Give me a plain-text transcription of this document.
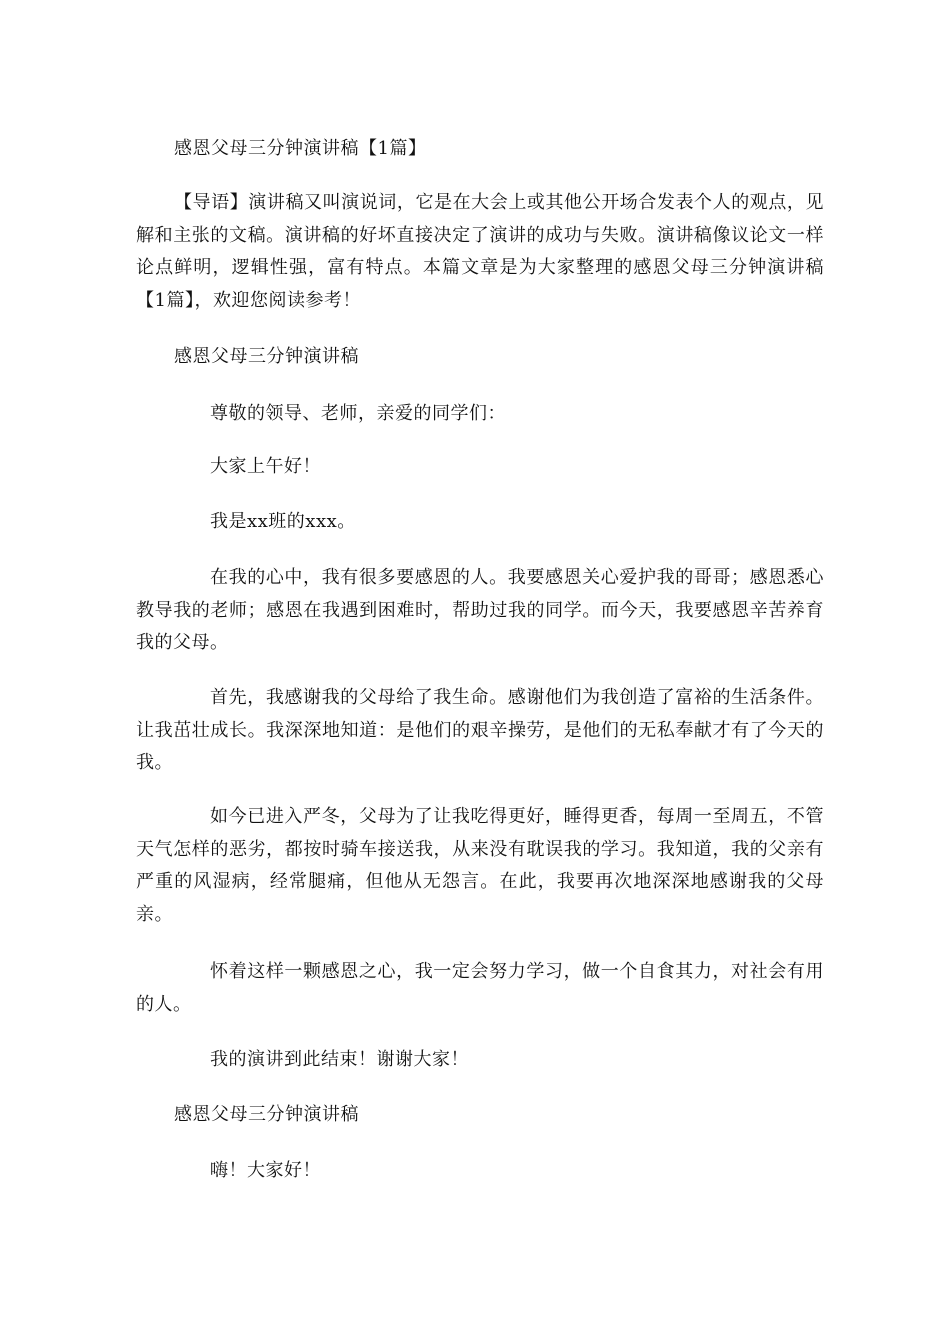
感恩父母三分钟演讲稿【1篇】
【导语】演讲稿又叫演说词，它是在大会上或其他公开场合发表个人的观点，见解和主张的文稿。演讲稿的好坏直接决定了演讲的成功与失败。演讲稿像议论文一样论点鲜明，逻辑性强，富有特点。本篇文章是为大家整理的感恩父母三分钟演讲稿【1篇】，欢迎您阅读参考！
感恩父母三分钟演讲稿
尊敬的领导、老师，亲爱的同学们：
大家上午好！
我是xx班的xxx。
在我的心中，我有很多要感恩的人。我要感恩关心爱护我的哥哥；感恩悉心教导我的老师；感恩在我遇到困难时，帮助过我的同学。而今天，我要感恩辛苦养育我的父母。
首先，我感谢我的父母给了我生命。感谢他们为我创造了富裕的生活条件。让我茁壮成长。我深深地知道：是他们的艰辛操劳，是他们的无私奉献才有了今天的我。
如今已进入严冬，父母为了让我吃得更好，睡得更香，每周一至周五，不管天气怎样的恶劣，都按时骑车接送我，从来没有耽误我的学习。我知道，我的父亲有严重的风湿病，经常腿痛，但他从无怨言。在此，我要再次地深深地感谢我的父母亲。
怀着这样一颗感恩之心，我一定会努力学习，做一个自食其力，对社会有用的人。
我的演讲到此结束！谢谢大家！
感恩父母三分钟演讲稿
嗨！大家好！
